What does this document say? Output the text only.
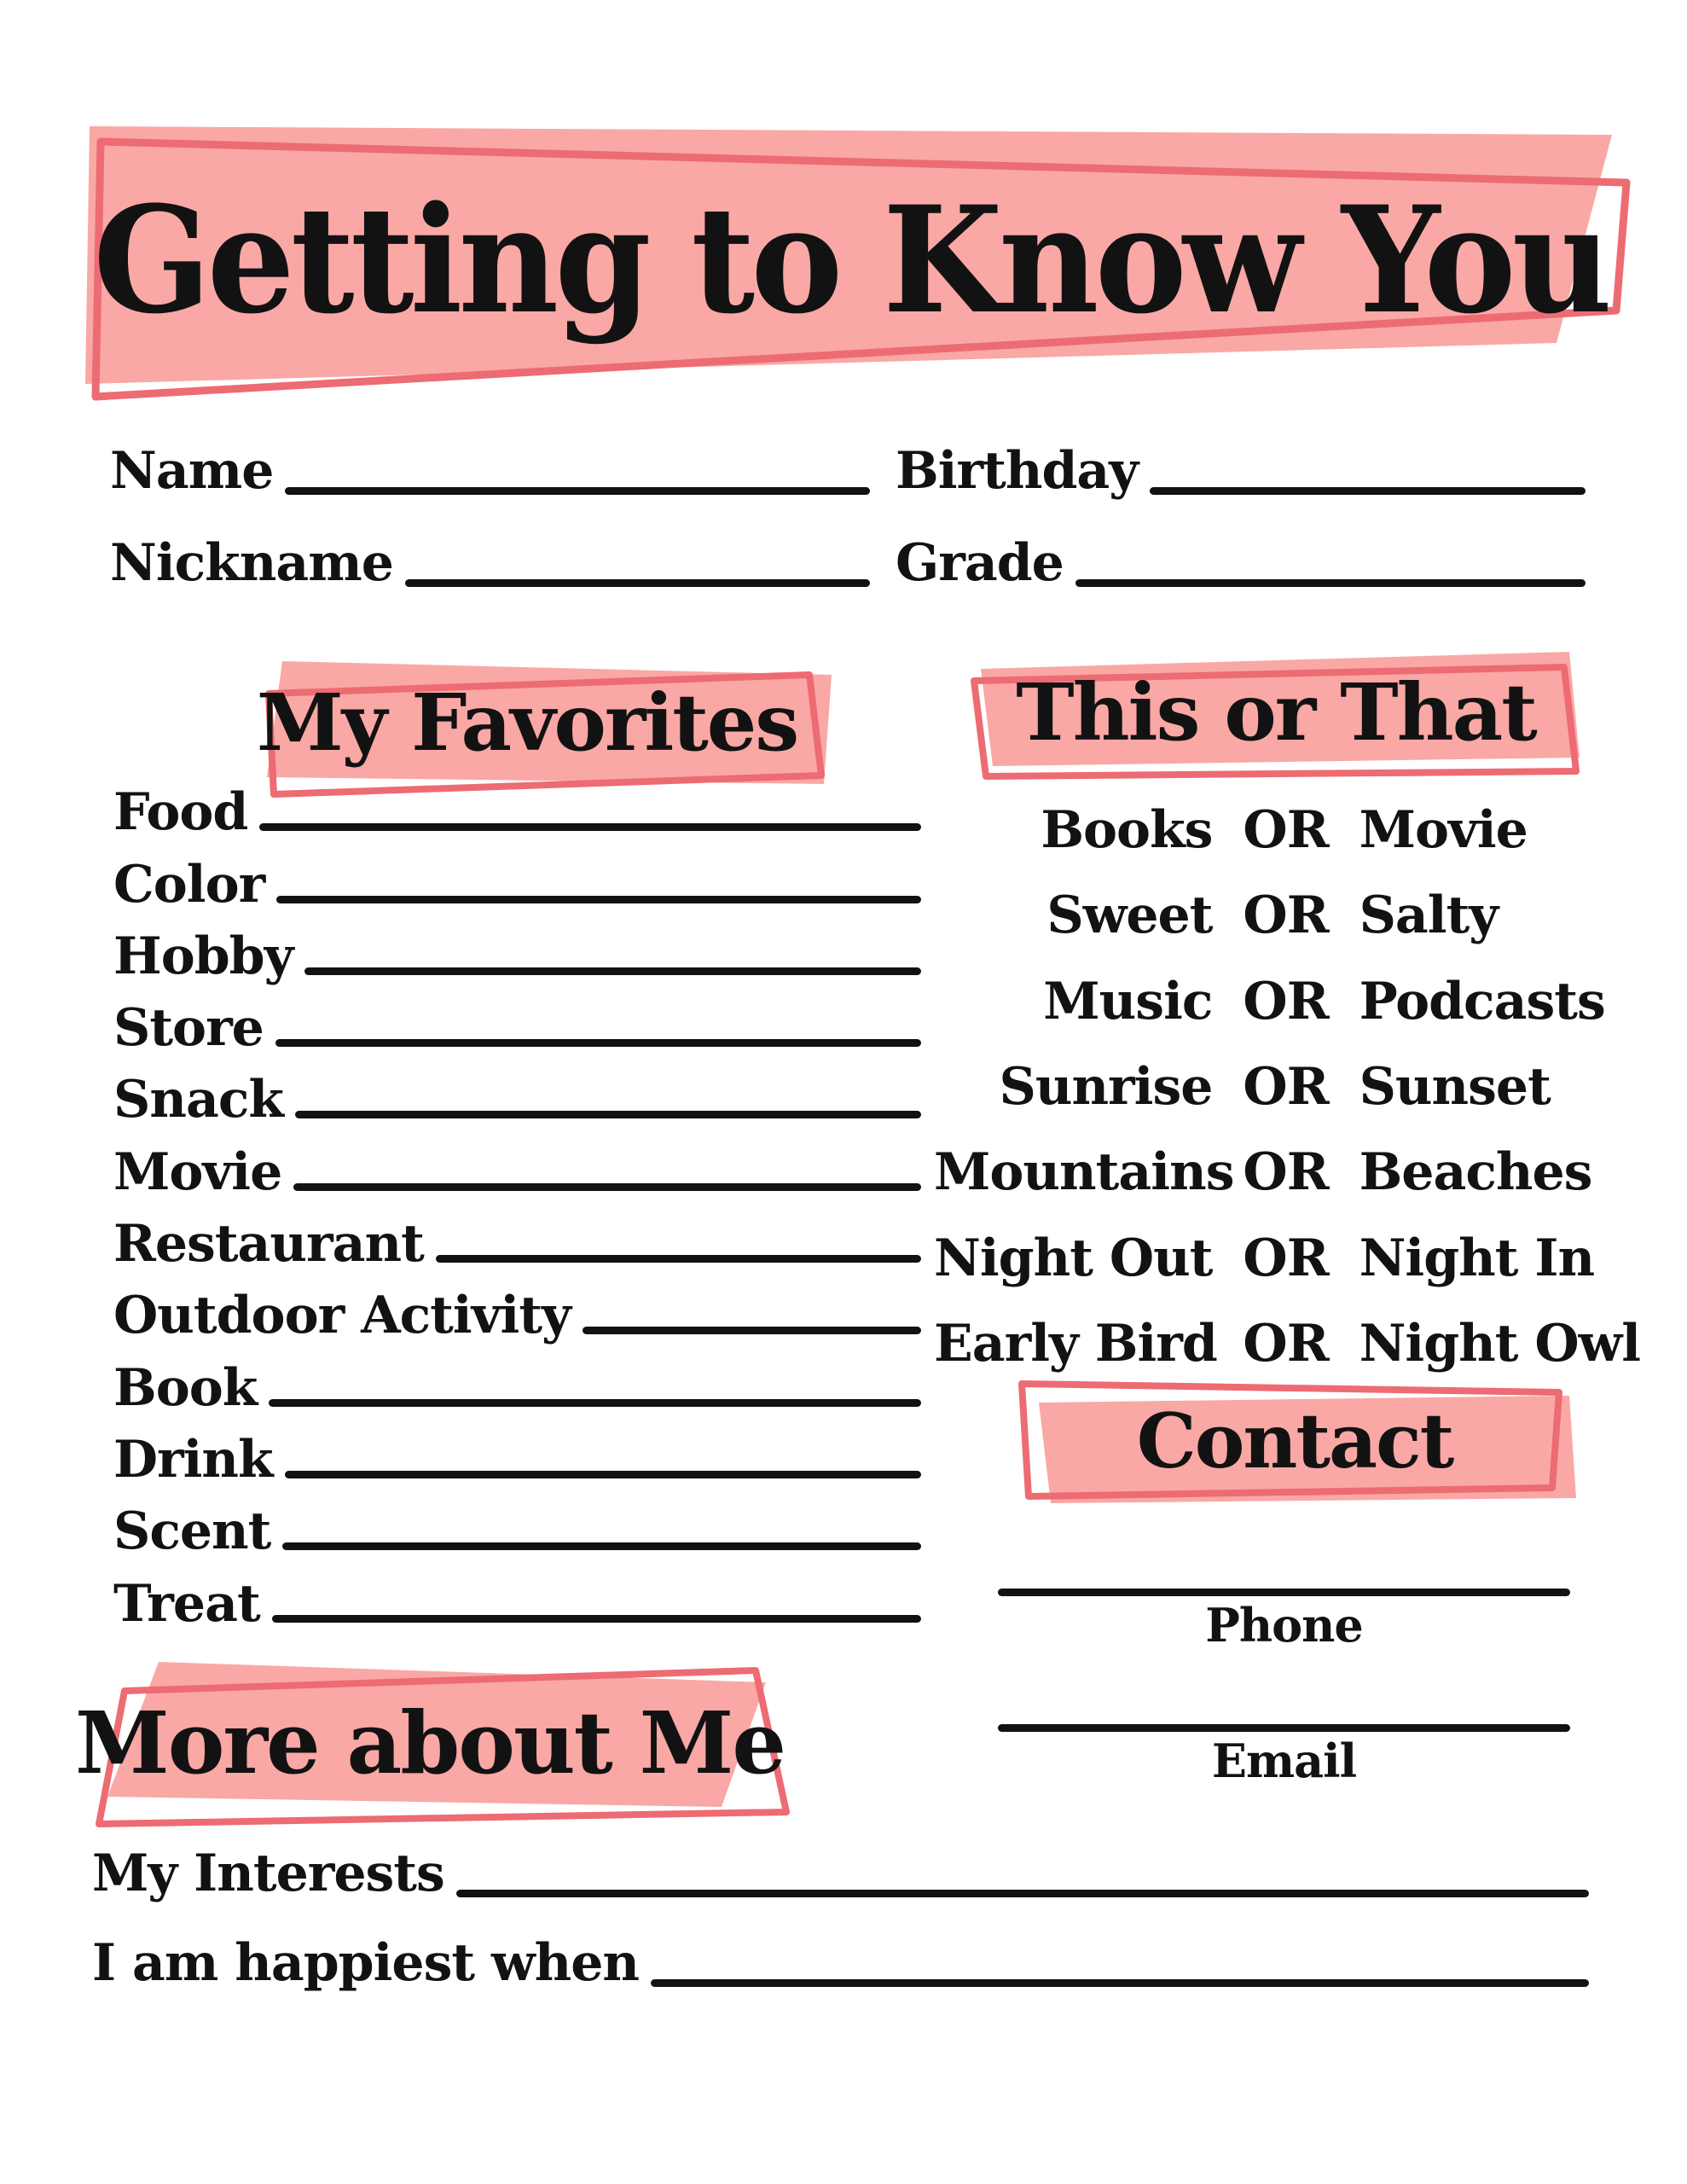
Getting to Know You
Name	Birthday
Nickname	Grade
My Favorites
Food
Color
Hobby
Store
Snack
Movie
Restaurant
Outdoor Activity
Book
Drink
Scent
Treat
This or That
Books OR Movie
Sweet OR Salty
Music OR Podcasts
Sunrise OR Sunset
Mountains OR Beaches
Night Out OR Night In
Early Bird OR Night Owl
Phone
Email
More about Me
My Interests
I am happiest when
